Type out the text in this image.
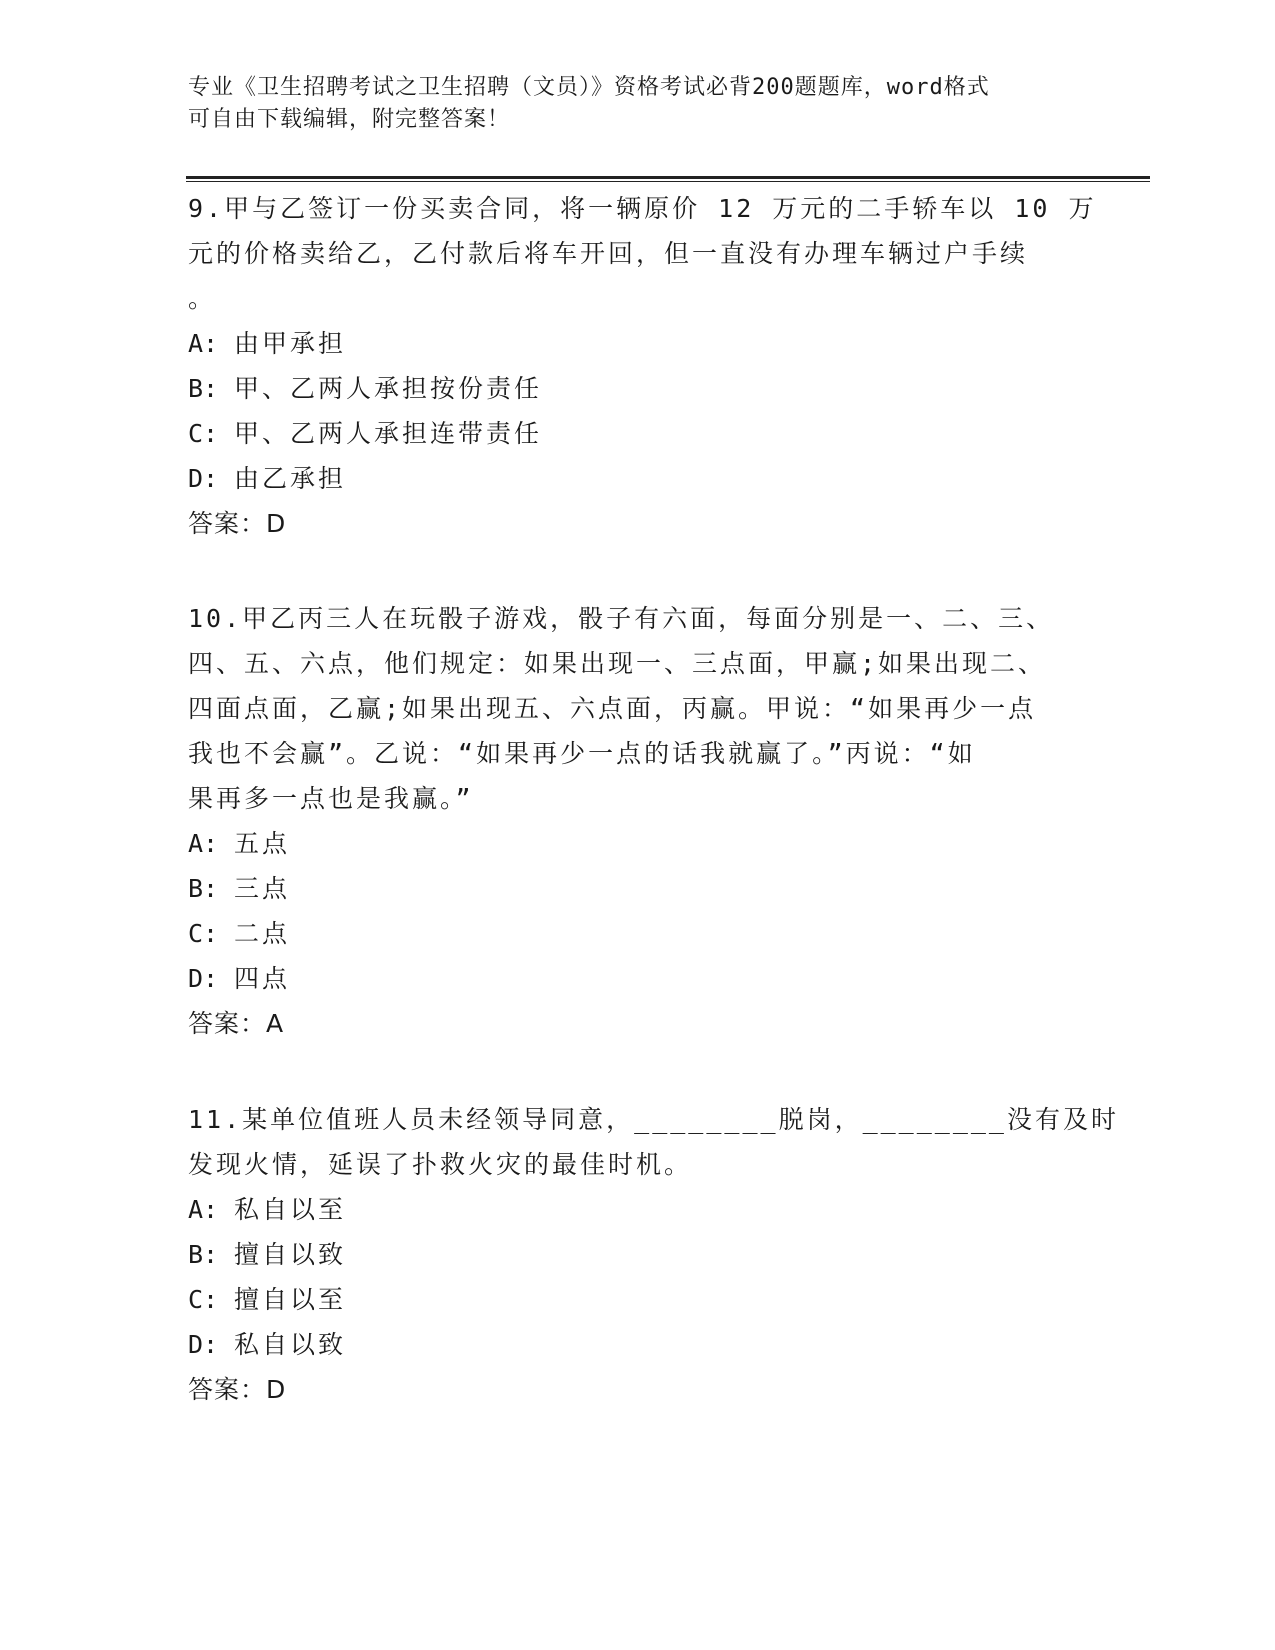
专业《卫生招聘考试之卫生招聘（文员）》资格考试必背200题题库，word格式

可自由下载编辑，附完整答案！

9.甲与乙签订一份买卖合同，将一辆原价 12 万元的二手轿车以 10 万

元的价格卖给乙，乙付款后将车开回，但一直没有办理车辆过户手续

。

A: 由甲承担

B: 甲、乙两人承担按份责任

C: 甲、乙两人承担连带责任

D: 由乙承担

答案：D

10.甲乙丙三人在玩骰子游戏，骰子有六面，每面分别是一、二、三、

四、五、六点，他们规定：如果出现一、三点面，甲赢;如果出现二、

四面点面，乙赢;如果出现五、六点面，丙赢。甲说：“如果再少一点

我也不会赢”。乙说：“如果再少一点的话我就赢了。”丙说：“如

果再多一点也是我赢。”

A: 五点

B: 三点

C: 二点

D: 四点

答案：A

11.某单位值班人员未经领导同意，________脱岗，________没有及时

发现火情，延误了扑救火灾的最佳时机。

A: 私自以至

B: 擅自以致

C: 擅自以至

D: 私自以致

答案：D
